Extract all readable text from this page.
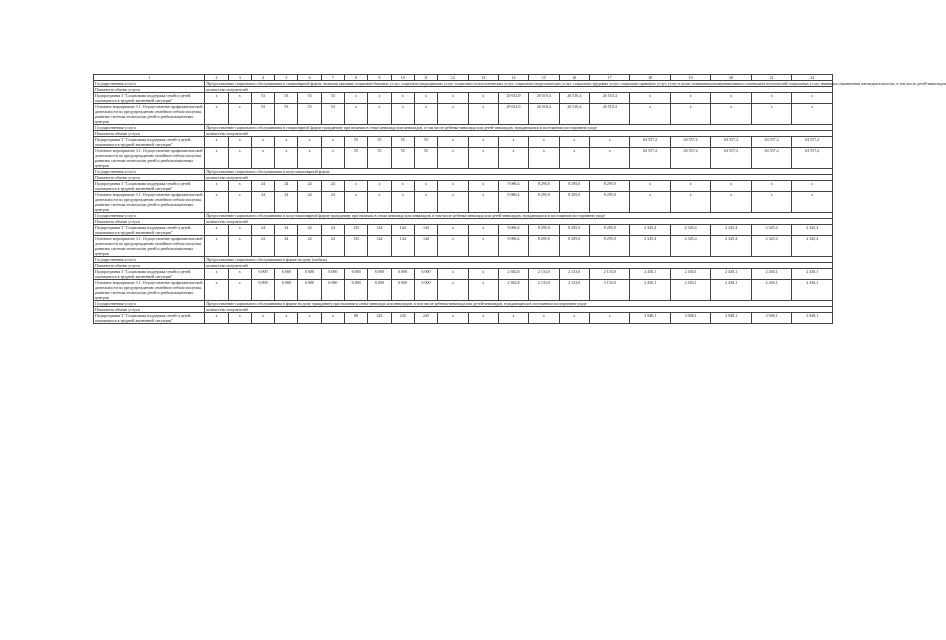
1	2	3	4	5	6	7	8	9	10	11	12	13	14	15	16	17	18	19	20	21	22
Государственная услуга	Предоставление социального обслуживания в стационарной форме, включая оказание социально-бытовых услуг, социально-медицинских услуг, социально-психологических услуг, социально-педагогических услуг, социально-трудовых услуг, социально-правовых услуг, услуг в целях повышения коммуникативного потенциала получателей социальных услуг, имеющих ограничения жизнедеятельности, в том числе детей-инвалидов																				
Показатель объема услуги	количество получателей																				
Подпрограмма 3 "Социальная поддержка семей и детей, оказавшихся в трудной жизненной ситуации"	х	х	53	53	53	53	х	х	х	х	х	х	29 614,9	26 510,4	26 510,4	26 510,4	х	х	х	х	х
Основное мероприятие 3.1. Осуществление профилактической деятельности по предупреждению семейного неблагополучия, развитие системы технологии детей и реабилитационных центров	х	х	53	53	53	53	х	х	х	х	х	х	29 614,9	26 510,4	26 510,4	26 510,4	х	х	х	х	х
Государственная услуга	Предоставление социального обслуживания в стационарной форме гражданину при наличии в семье инвалида или инвалидов, в том числе ребенка-инвалида или детей-инвалидов, нуждающихся в постоянном постороннем уходе																				
Показатель объема услуги	количество получателей																				
Подпрограмма 3 "Социальная поддержка семей и детей, оказавшихся в трудной жизненной ситуации"	х	х	х	х	х	х	55	55	55	55	х	х	х	х	х	х	63 557,2	63 557,2	63 557,2	63 557,2	63 557,2
Основное мероприятие 3.1. Осуществление профилактической деятельности по предупреждению семейного неблагополучия, развитие системы технологии детей и реабилитационных центров	х	х	х	х	х	х	55	55	55	55	х	х	х	х	х	х	63 557,2	63 557,2	63 557,2	63 557,2	63 557,2
Государственная услуга	Предоставление социального обслуживания в полустационарной форме																				
Показатель объема услуги	количество получателей																				
Подпрограмма 3 "Социальная поддержка семей и детей, оказавшихся в трудной жизненной ситуации"	х	х	24	24	24	24	х	х	х	х	х	х	9 086,4	8 295,0	8 295,0	8 295,0	х	х	х	х	х
Основное мероприятие 3.1. Осуществление профилактической деятельности по предупреждению семейного неблагополучия, развитие системы технологии детей и реабилитационных центров	х	х	24	24	24	24	х	х	х	х	х	х	9 086,4	8 295,0	8 295,0	8 295,0	х	х	х	х	х
Государственная услуга	Предоставление социального обслуживания в полустационарной форме гражданину при наличии в семье инвалида или инвалидов, в том числе ребенка-инвалида или детей-инвалидов, нуждающихся в постоянном постороннем уходе																				
Показатель объема услуги	количество получателей																				
Подпрограмма 3 "Социальная поддержка семей и детей, оказавшихся в трудной жизненной ситуации"	х	х	24	24	24	24	135	144	144	144	х	х	9 086,4	8 295,0	8 295,0	8 295,0	2 345,4	2 345,4	2 345,4	2 345,4	2 345,4
Основное мероприятие 3.1. Осуществление профилактической деятельности по предупреждению семейного неблагополучия, развитие системы технологии детей и реабилитационных центров	х	х	24	24	24	24	135	144	144	144	х	х	9 086,4	8 295,0	8 295,0	8 295,0	2 345,4	2 345,4	2 345,4	2 345,4	2 345,4
Государственная услуга	Предоставление социального обслуживания в форме на дому (мобиль)																				
Показатель объема услуги	количество получателей																				
Подпрограмма 3 "Социальная поддержка семей и детей, оказавшихся в трудной жизненной ситуации"	х	х	6 000	6 000	6 000	6 000	6 000	6 000	6 000	6 000	х	х	2 382,8	2 133,0	2 133,0	2 133,0	2 430,1	2 430,1	2 430,1	2 430,1	2 430,1
Основное мероприятие 3.1. Осуществление профилактической деятельности по предупреждению семейного неблагополучия, развитие системы технологии детей и реабилитационных центров	х	х	6 000	6 000	6 000	6 000	6 000	6 000	6 000	6 000	х	х	2 382,8	2 133,0	2 133,0	2 133,0	2 430,1	2 430,1	2 430,1	2 430,1	2 430,1
Государственная услуга	Предоставление социального обслуживания в форме на дому гражданину при наличии в семье инвалида или инвалидов, в том числе ребенка-инвалида или детей-инвалидов, нуждающихся в постоянном постороннем уходе																				
Показатель объема услуги	количество получателей																				
Подпрограмма 3 "Социальная поддержка семей и детей, оказавшихся в трудной жизненной ситуации"	х	х	х	х	х	х	80	245	245	245	х	х	х	х	х	х	3 948,1	3 948,1	3 948,1	3 948,1	3 948,1
